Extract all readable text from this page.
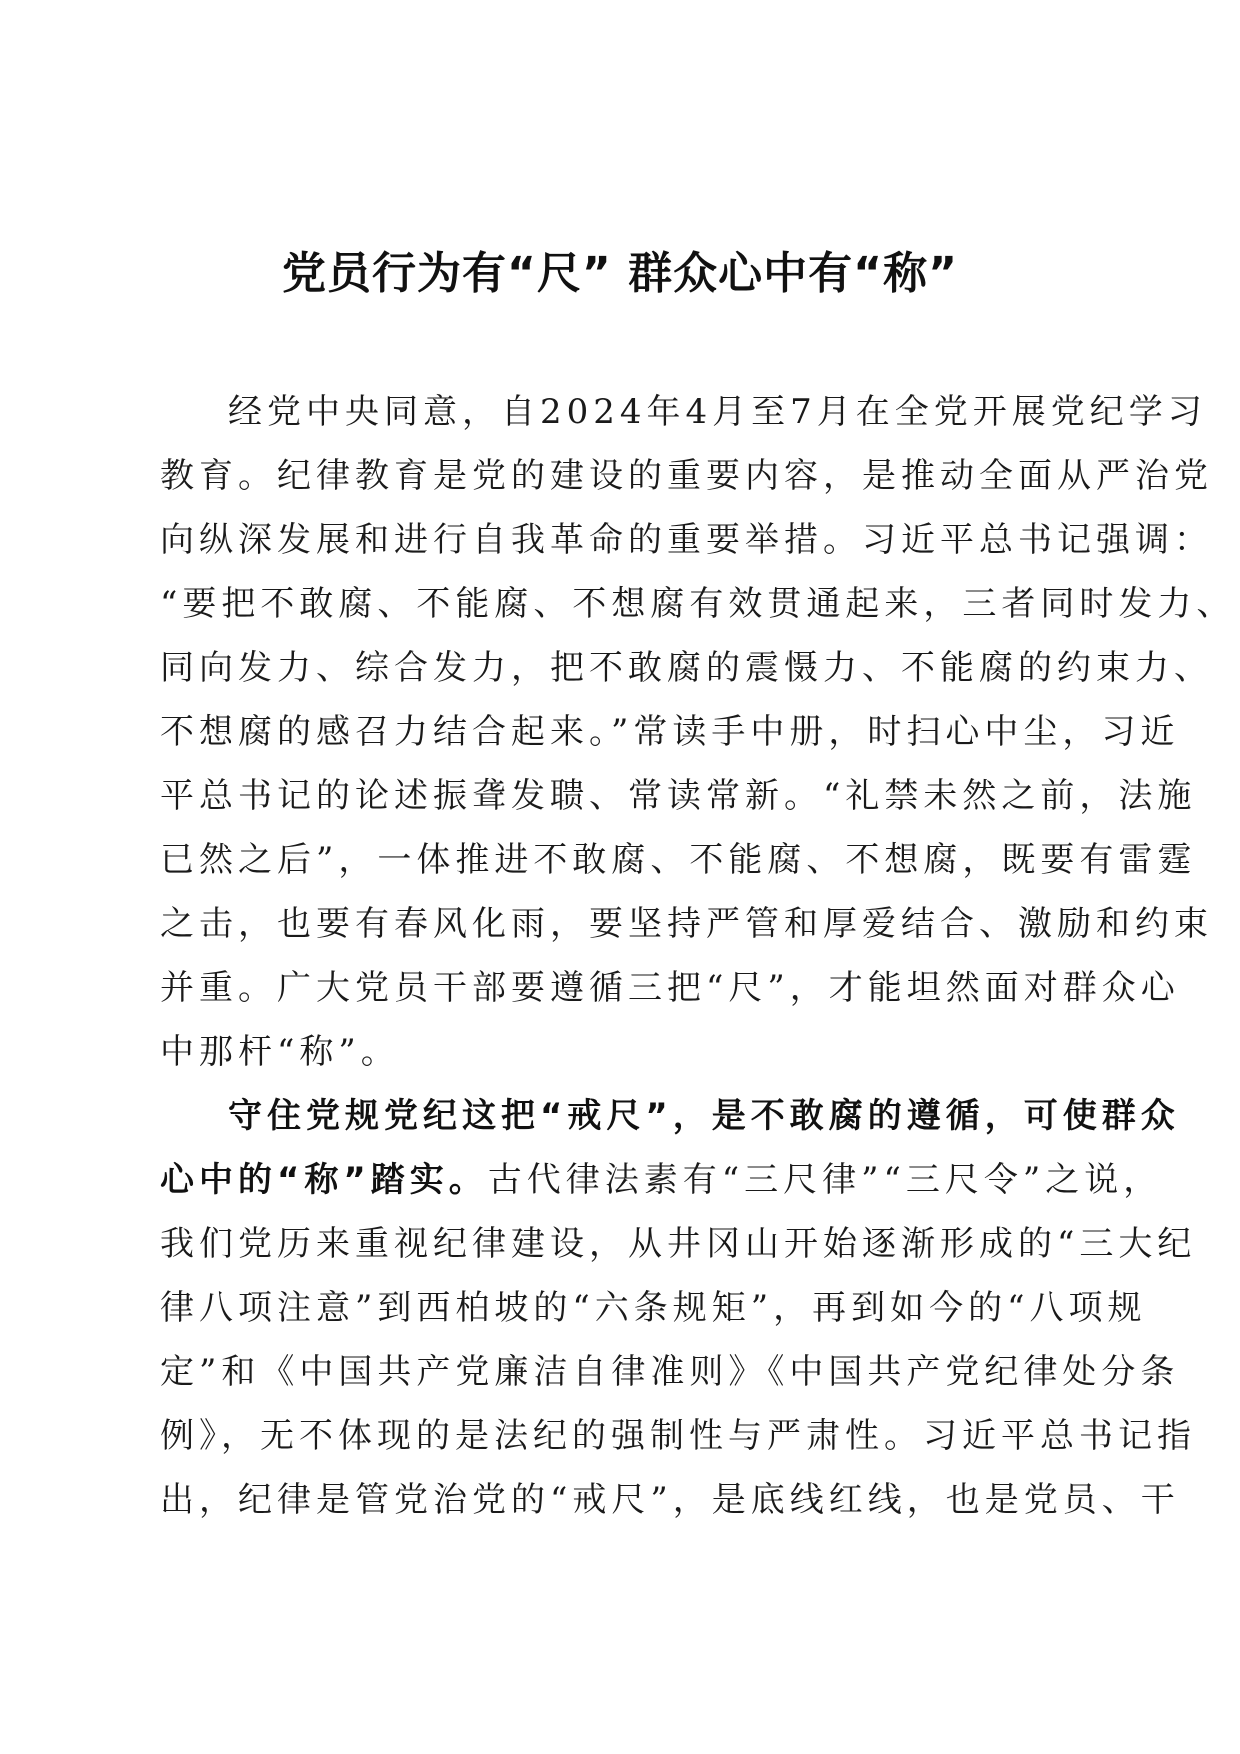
党员行为有“尺” 群众心中有“称”
经党中央同意，自2024年4月至7月在全党开展党纪学习
教育。纪律教育是党的建设的重要内容，是推动全面从严治党
向纵深发展和进行自我革命的重要举措。习近平总书记强调：
“要把不敢腐、不能腐、不想腐有效贯通起来，三者同时发力、
同向发力、综合发力，把不敢腐的震慑力、不能腐的约束力、
不想腐的感召力结合起来。”常读手中册，时扫心中尘，习近
平总书记的论述振聋发聩、常读常新。“礼禁未然之前，法施
已然之后”，一体推进不敢腐、不能腐、不想腐，既要有雷霆
之击，也要有春风化雨，要坚持严管和厚爱结合、激励和约束
并重。广大党员干部要遵循三把“尺”，才能坦然面对群众心
中那杆“称”。
守住党规党纪这把“戒尺”，是不敢腐的遵循，可使群众
心中的“称”踏实。古代律法素有“三尺律”“三尺令”之说，
我们党历来重视纪律建设，从井冈山开始逐渐形成的“三大纪
律八项注意”到西柏坡的“六条规矩”，再到如今的“八项规
定”和《中国共产党廉洁自律准则》《中国共产党纪律处分条
例》，无不体现的是法纪的强制性与严肃性。习近平总书记指
出，纪律是管党治党的“戒尺”，是底线红线，也是党员、干
